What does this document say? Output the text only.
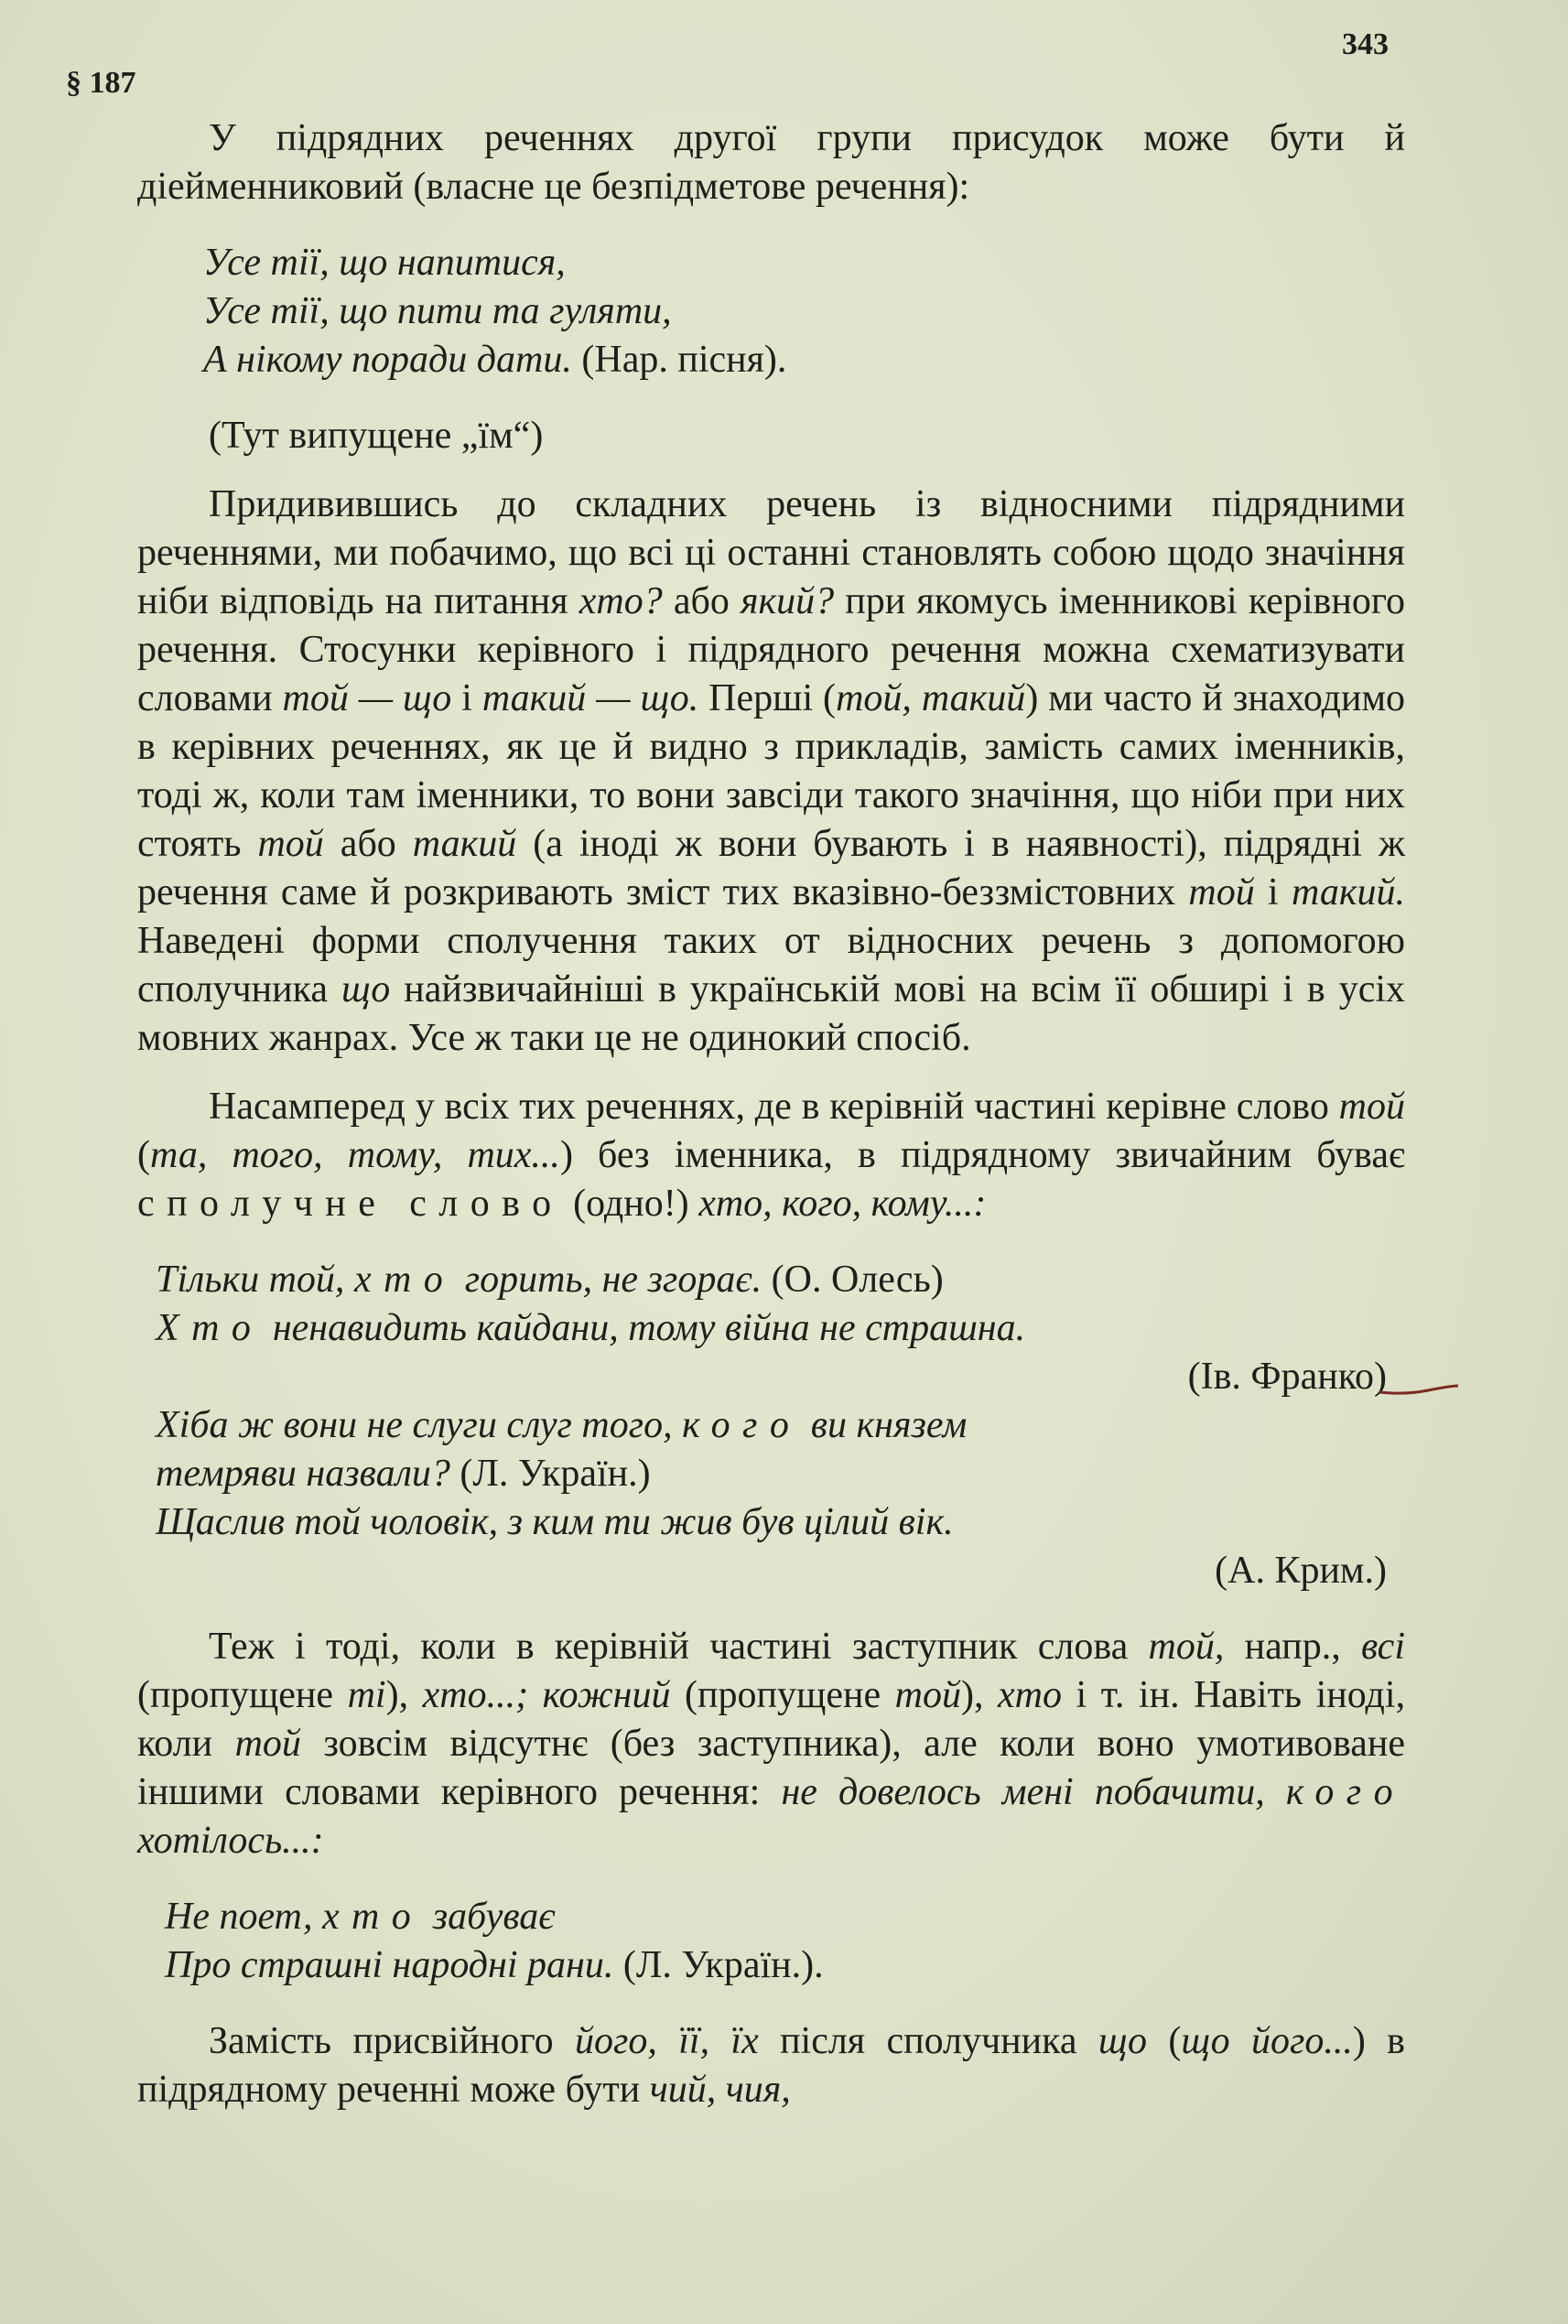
343
§ 187

У підрядних реченнях другої групи присудок може бути й діейменниковий (власне це безпідметове речення):

Усе тії, що напитися,
Усе тії, що пити та гуляти,
А нікому поради дати. (Нар. пісня).

(Тут випущене „їм“)

Придивившись до складних речень із відносними підрядними реченнями, ми побачимо, що всі ці останні становлять собою щодо значіння ніби відповідь на питання хто? або який? при якомусь іменникові керівного речення. Стосунки керівного і підрядного речення можна схематизувати словами той — що і такий — що. Перші (той, такий) ми часто й знаходимо в керівних реченнях, як це й видно з прикладів, замість самих іменників, тоді ж, коли там іменники, то вони завсіди такого значіння, що ніби при них стоять той або такий (а іноді ж вони бувають і в наявності), підрядні ж речення саме й розкривають зміст тих вказівно-беззмістовних той і такий. Наведені форми сполучення таких от відносних речень з допомогою сполучника що найзвичайніші в українській мові на всім її обширі і в усіх мовних жанрах. Усе ж таки це не одинокий спосіб.

Насамперед у всіх тих реченнях, де в керівній частині керівне слово той (та, того, тому, тих...) без іменника, в підрядному звичайним буває сполучне слово (одно!) хто, кого, кому...:

Тільки той, хто горить, не згорає. (О. Олесь)
Хто ненавидить кайдани, тому війна не страшна.
(Ів. Франко)
Хіба ж вони не слуги слуг того, кого ви князем
темряви назвали? (Л. Україн.)
Щаслив той чоловік, з ким ти жив був цілий вік.
(А. Крим.)

Теж і тоді, коли в керівній частині заступник слова той, напр., всі (пропущене ті), хто...; кожний (пропущене той), хто і т. ін. Навіть іноді, коли той зовсім відсутнє (без заступника), але коли воно умотивоване іншими словами керівного речення: не довелось мені побачити, кого хотілось...:

Не поет, хто забуває
Про страшні народні рани. (Л. Україн.).

Замість присвійного його, її, їх після сполучника що (що його...) в підрядному реченні може бути чий, чия,
